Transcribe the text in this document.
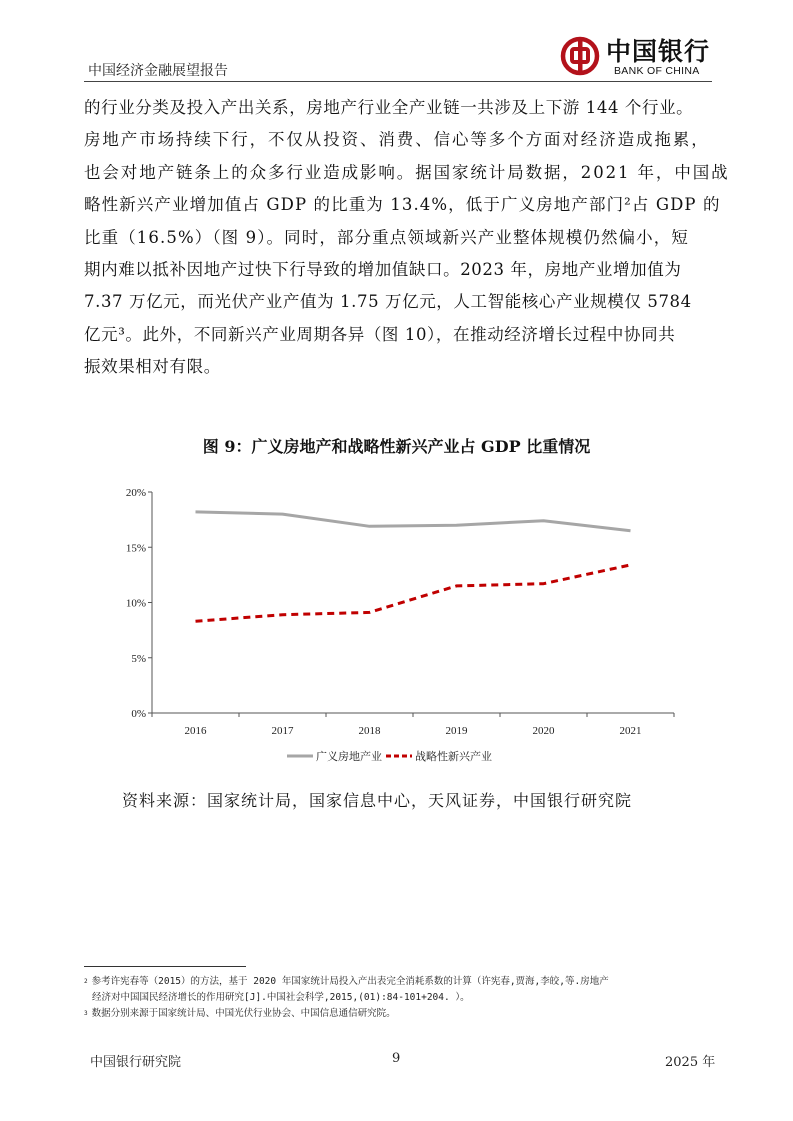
中国经济金融展望报告
中国银行
BANK OF CHINA
的行业分类及投入产出关系，房地产行业全产业链一共涉及上下游 144 个行业。
房地产市场持续下行，不仅从投资、消费、信心等多个方面对经济造成拖累，
也会对地产链条上的众多行业造成影响。据国家统计局数据，2021 年，中国战
略性新兴产业增加值占 GDP 的比重为 13.4%，低于广义房地产部门²占 GDP 的
比重（16.5%）（图 9）。同时，部分重点领域新兴产业整体规模仍然偏小，短
期内难以抵补因地产过快下行导致的增加值缺口。2023 年，房地产业增加值为
7.37 万亿元，而光伏产业产值为 1.75 万亿元，人工智能核心产业规模仅 5784
亿元³。此外，不同新兴产业周期各异（图 10），在推动经济增长过程中协同共
振效果相对有限。
图 9：广义房地产和战略性新兴产业占 GDP 比重情况
0%
5%
10%
15%
20%
2016	2017	2018	2019	2020	2021
广义房地产业	战略性新兴产业
资料来源：国家统计局，国家信息中心，天风证券，中国银行研究院
$^2$ 参考许宪春等（2015）的方法，基于 2020 年国家统计局投入产出表完全消耗系数的计算（许宪春,贾海,李皎,等.房地产
经济对中国国民经济增长的作用研究[J].中国社会科学,2015,(01):84-101+204. ）。
$^3$ 数据分别来源于国家统计局、中国光伏行业协会、中国信息通信研究院。
中国银行研究院	9	2025 年
